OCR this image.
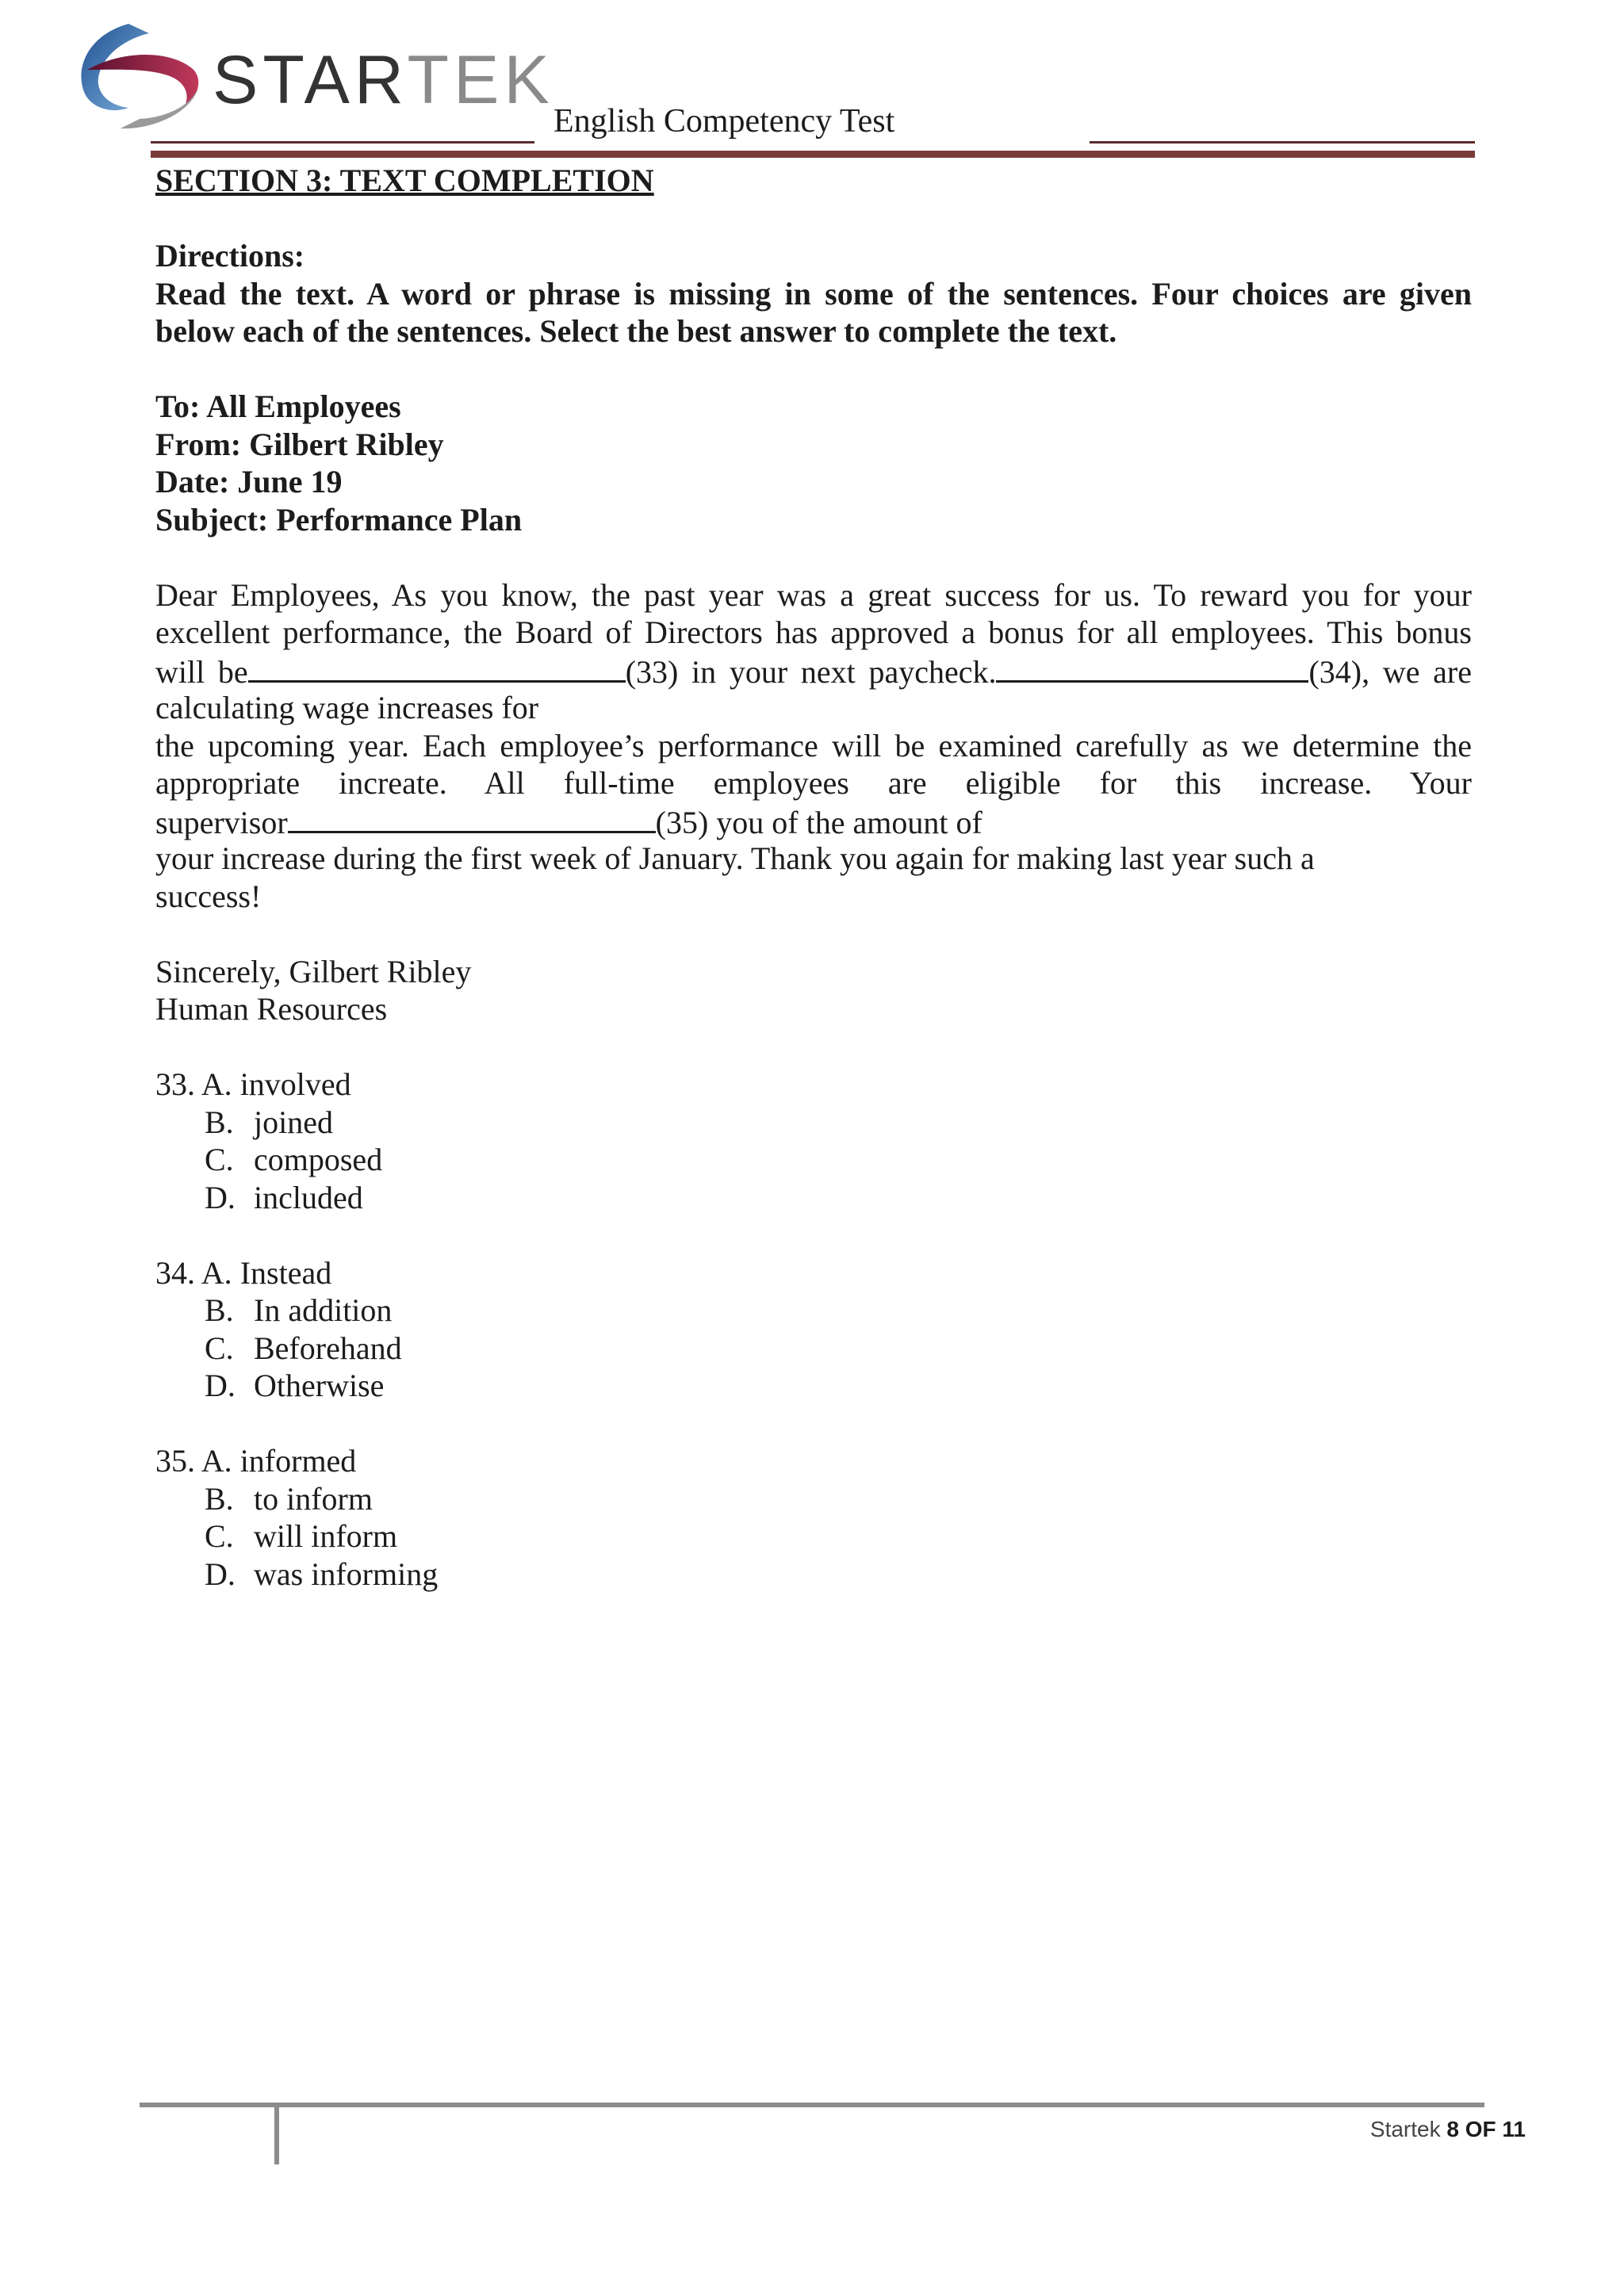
STARTEK
English Competency Test
SECTION 3: TEXT COMPLETION
Directions:
Read the text. A word or phrase is missing in some of the sentences. Four choices are given
below each of the sentences. Select the best answer to complete the text.
To: All Employees
From: Gilbert Ribley
Date: June 19
Subject: Performance Plan
Dear Employees, As you know, the past year was a great success for us. To reward you for your
excellent performance, the Board of Directors has approved a bonus for all employees. This bonus
will be	(33) in your next paycheck.	(34), we are
calculating wage increases for
the upcoming year. Each employee’s performance will be examined carefully as we determine the
appropriate increate. All full-time employees are eligible for this increase. Your
supervisor	(35) you of the amount of
your increase during the first week of January. Thank you again for making last year such a
success!
Sincerely, Gilbert Ribley
Human Resources
33. A. involved
B. joined
C. composed
D. included
34. A. Instead
B. In addition
C. Beforehand
D. Otherwise
35. A. informed
B. to inform
C. will inform
D. was informing
Startek 8 OF 11
